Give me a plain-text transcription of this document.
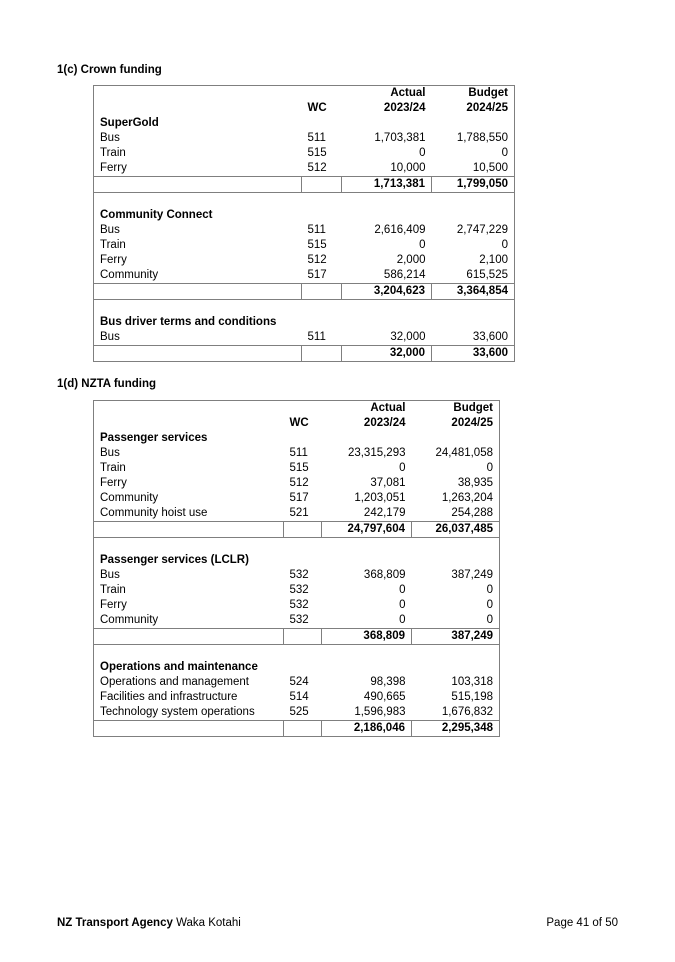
1(c) Crown funding
		Actual	Budget
	WC	2023/24	2024/25
SuperGold			
Bus	511	1,703,381	1,788,550
Train	515	0	0
Ferry	512	10,000	10,500
		1,713,381	1,799,050

Community Connect			
Bus	511	2,616,409	2,747,229
Train	515	0	0
Ferry	512	2,000	2,100
Community	517	586,214	615,525
		3,204,623	3,364,854

Bus driver terms and conditions			
Bus	511	32,000	33,600
		32,000	33,600
1(d) NZTA funding
		Actual	Budget
	WC	2023/24	2024/25
Passenger services			
Bus	511	23,315,293	24,481,058
Train	515	0	0
Ferry	512	37,081	38,935
Community	517	1,203,051	1,263,204
Community hoist use	521	242,179	254,288
		24,797,604	26,037,485

Passenger services (LCLR)			
Bus	532	368,809	387,249
Train	532	0	0
Ferry	532	0	0
Community	532	0	0
		368,809	387,249

Operations and maintenance			
Operations and management	524	98,398	103,318
Facilities and infrastructure	514	490,665	515,198
Technology system operations	525	1,596,983	1,676,832
		2,186,046	2,295,348
NZ Transport Agency Waka Kotahi	Page 41 of 50
